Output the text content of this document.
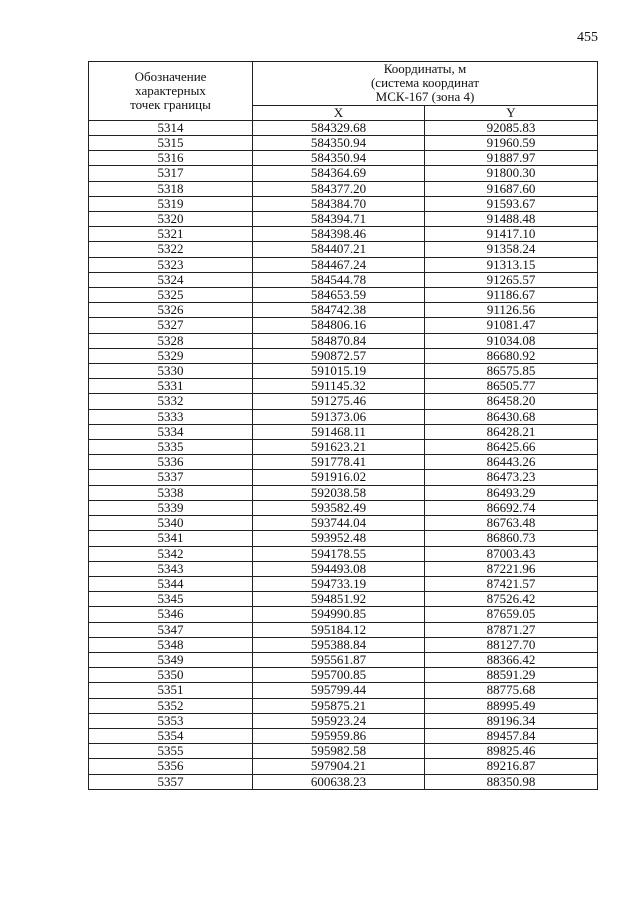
455
Обозначение
характерных
точек границы	Координаты, м
(система координат
МСК-167 (зона 4)	

	X	Y
5314	584329.68	92085.83
5315	584350.94	91960.59
5316	584350.94	91887.97
5317	584364.69	91800.30
5318	584377.20	91687.60
5319	584384.70	91593.67
5320	584394.71	91488.48
5321	584398.46	91417.10
5322	584407.21	91358.24
5323	584467.24	91313.15
5324	584544.78	91265.57
5325	584653.59	91186.67
5326	584742.38	91126.56
5327	584806.16	91081.47
5328	584870.84	91034.08
5329	590872.57	86680.92
5330	591015.19	86575.85
5331	591145.32	86505.77
5332	591275.46	86458.20
5333	591373.06	86430.68
5334	591468.11	86428.21
5335	591623.21	86425.66
5336	591778.41	86443.26
5337	591916.02	86473.23
5338	592038.58	86493.29
5339	593582.49	86692.74
5340	593744.04	86763.48
5341	593952.48	86860.73
5342	594178.55	87003.43
5343	594493.08	87221.96
5344	594733.19	87421.57
5345	594851.92	87526.42
5346	594990.85	87659.05
5347	595184.12	87871.27
5348	595388.84	88127.70
5349	595561.87	88366.42
5350	595700.85	88591.29
5351	595799.44	88775.68
5352	595875.21	88995.49
5353	595923.24	89196.34
5354	595959.86	89457.84
5355	595982.58	89825.46
5356	597904.21	89216.87
5357	600638.23	88350.98
